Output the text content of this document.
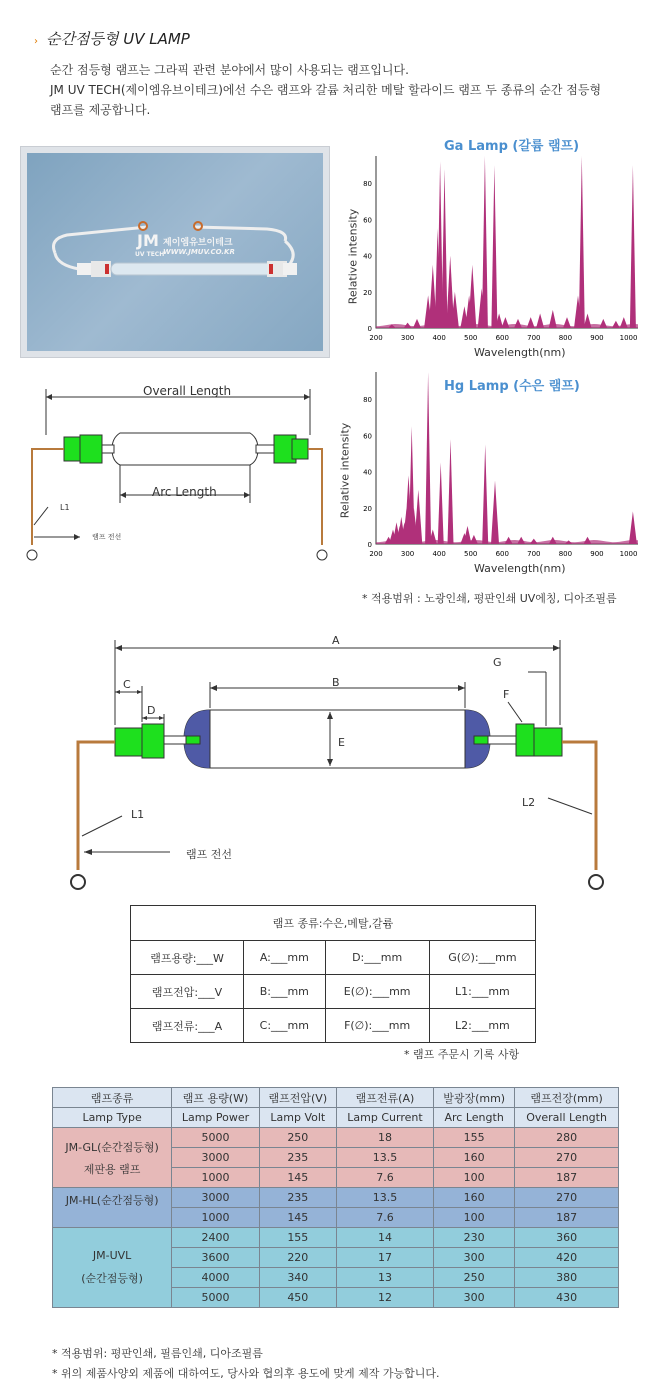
› 순간점등형 UV LAMP
순간 점등형 램프는 그라픽 관련 분야에서 많이 사용되는 램프입니다.
JM UV TECH(제이엠유브이테크)에선 수은 램프와 갈륨 처리한 메탈 할라이드 램프 두 종류의 순간 점등형
램프를 제공합니다.
JM
UV TECH
제이엠유브이테크
WWW.JMUV.CO.KR
Overall Length
Arc Length
L1
램프 전선
Ga Lamp (갈륨 램프)
200	300	400	500	600	700	800	900 1000
0
20
40
60
80
Wavelength(nm)
Relative intensity
Hg Lamp (수은 램프)
200	300	400	500	600	700	800	900 1000
0
20
40
60
80
Wavelength(nm)
Relative intensity
* 적용범위 : 노광인쇄, 평판인쇄 UV에칭, 디아조필름
A
B
C
D
E
F
G
L1
L2
램프 전선
램프 종류:수은,메탈,갈륨			
램프용량:___W	A:___mm	D:___mm	G(∅):___mm
램프전압:___V	B:___mm	E(∅):___mm	L1:___mm
램프전류:___A	C:___mm	F(∅):___mm	L2:___mm
* 램프 주문시 기록 사항
램프종류	램프 용량(W)	램프전압(V)	램프전류(A)	발광장(mm)	램프전장(mm)
Lamp Type	Lamp Power	Lamp Volt	Lamp Current	Arc Length	Overall Length

JM-GL(순간점등형)
제판용 램프	5000	250	18	155	280
	3000	235	13.5	160	270
	1000	145	7.6	100	187

JM-HL(순간점등형)	3000	235	13.5	160	270
	1000	145	7.6	100	187

JM-UVL
(순간점등형)	2400	155	14	230	360
	3600	220	17	300	420
	4000	340	13	250	380
	5000	450	12	300	430
* 적용범위: 평판인쇄, 필름인쇄, 디아조필름
* 위의 제품사양외 제품에 대하여도, 당사와 협의후 용도에 맞게 제작 가능합니다.
